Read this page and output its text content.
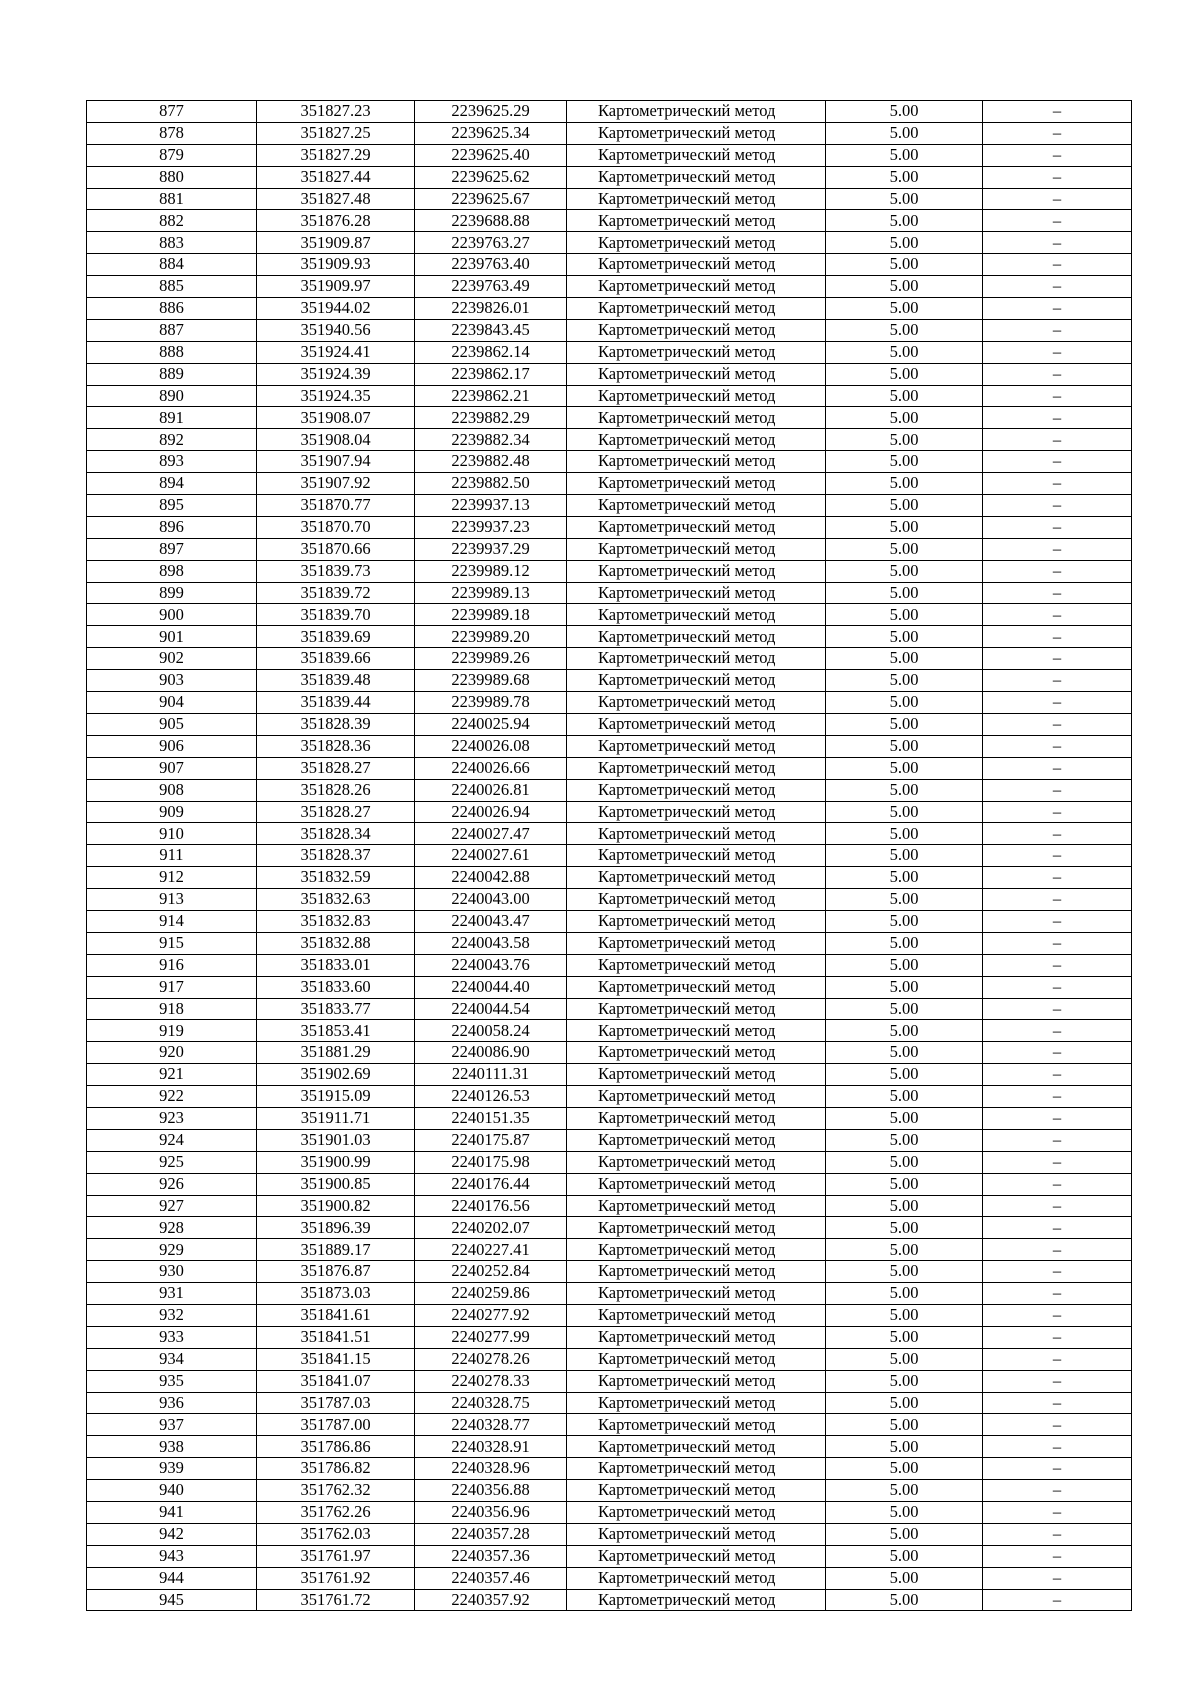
877	351827.23	2239625.29	Картометрический метод	5.00	–
878	351827.25	2239625.34	Картометрический метод	5.00	–
879	351827.29	2239625.40	Картометрический метод	5.00	–
880	351827.44	2239625.62	Картометрический метод	5.00	–
881	351827.48	2239625.67	Картометрический метод	5.00	–
882	351876.28	2239688.88	Картометрический метод	5.00	–
883	351909.87	2239763.27	Картометрический метод	5.00	–
884	351909.93	2239763.40	Картометрический метод	5.00	–
885	351909.97	2239763.49	Картометрический метод	5.00	–
886	351944.02	2239826.01	Картометрический метод	5.00	–
887	351940.56	2239843.45	Картометрический метод	5.00	–
888	351924.41	2239862.14	Картометрический метод	5.00	–
889	351924.39	2239862.17	Картометрический метод	5.00	–
890	351924.35	2239862.21	Картометрический метод	5.00	–
891	351908.07	2239882.29	Картометрический метод	5.00	–
892	351908.04	2239882.34	Картометрический метод	5.00	–
893	351907.94	2239882.48	Картометрический метод	5.00	–
894	351907.92	2239882.50	Картометрический метод	5.00	–
895	351870.77	2239937.13	Картометрический метод	5.00	–
896	351870.70	2239937.23	Картометрический метод	5.00	–
897	351870.66	2239937.29	Картометрический метод	5.00	–
898	351839.73	2239989.12	Картометрический метод	5.00	–
899	351839.72	2239989.13	Картометрический метод	5.00	–
900	351839.70	2239989.18	Картометрический метод	5.00	–
901	351839.69	2239989.20	Картометрический метод	5.00	–
902	351839.66	2239989.26	Картометрический метод	5.00	–
903	351839.48	2239989.68	Картометрический метод	5.00	–
904	351839.44	2239989.78	Картометрический метод	5.00	–
905	351828.39	2240025.94	Картометрический метод	5.00	–
906	351828.36	2240026.08	Картометрический метод	5.00	–
907	351828.27	2240026.66	Картометрический метод	5.00	–
908	351828.26	2240026.81	Картометрический метод	5.00	–
909	351828.27	2240026.94	Картометрический метод	5.00	–
910	351828.34	2240027.47	Картометрический метод	5.00	–
911	351828.37	2240027.61	Картометрический метод	5.00	–
912	351832.59	2240042.88	Картометрический метод	5.00	–
913	351832.63	2240043.00	Картометрический метод	5.00	–
914	351832.83	2240043.47	Картометрический метод	5.00	–
915	351832.88	2240043.58	Картометрический метод	5.00	–
916	351833.01	2240043.76	Картометрический метод	5.00	–
917	351833.60	2240044.40	Картометрический метод	5.00	–
918	351833.77	2240044.54	Картометрический метод	5.00	–
919	351853.41	2240058.24	Картометрический метод	5.00	–
920	351881.29	2240086.90	Картометрический метод	5.00	–
921	351902.69	2240111.31	Картометрический метод	5.00	–
922	351915.09	2240126.53	Картометрический метод	5.00	–
923	351911.71	2240151.35	Картометрический метод	5.00	–
924	351901.03	2240175.87	Картометрический метод	5.00	–
925	351900.99	2240175.98	Картометрический метод	5.00	–
926	351900.85	2240176.44	Картометрический метод	5.00	–
927	351900.82	2240176.56	Картометрический метод	5.00	–
928	351896.39	2240202.07	Картометрический метод	5.00	–
929	351889.17	2240227.41	Картометрический метод	5.00	–
930	351876.87	2240252.84	Картометрический метод	5.00	–
931	351873.03	2240259.86	Картометрический метод	5.00	–
932	351841.61	2240277.92	Картометрический метод	5.00	–
933	351841.51	2240277.99	Картометрический метод	5.00	–
934	351841.15	2240278.26	Картометрический метод	5.00	–
935	351841.07	2240278.33	Картометрический метод	5.00	–
936	351787.03	2240328.75	Картометрический метод	5.00	–
937	351787.00	2240328.77	Картометрический метод	5.00	–
938	351786.86	2240328.91	Картометрический метод	5.00	–
939	351786.82	2240328.96	Картометрический метод	5.00	–
940	351762.32	2240356.88	Картометрический метод	5.00	–
941	351762.26	2240356.96	Картометрический метод	5.00	–
942	351762.03	2240357.28	Картометрический метод	5.00	–
943	351761.97	2240357.36	Картометрический метод	5.00	–
944	351761.92	2240357.46	Картометрический метод	5.00	–
945	351761.72	2240357.92	Картометрический метод	5.00	–
